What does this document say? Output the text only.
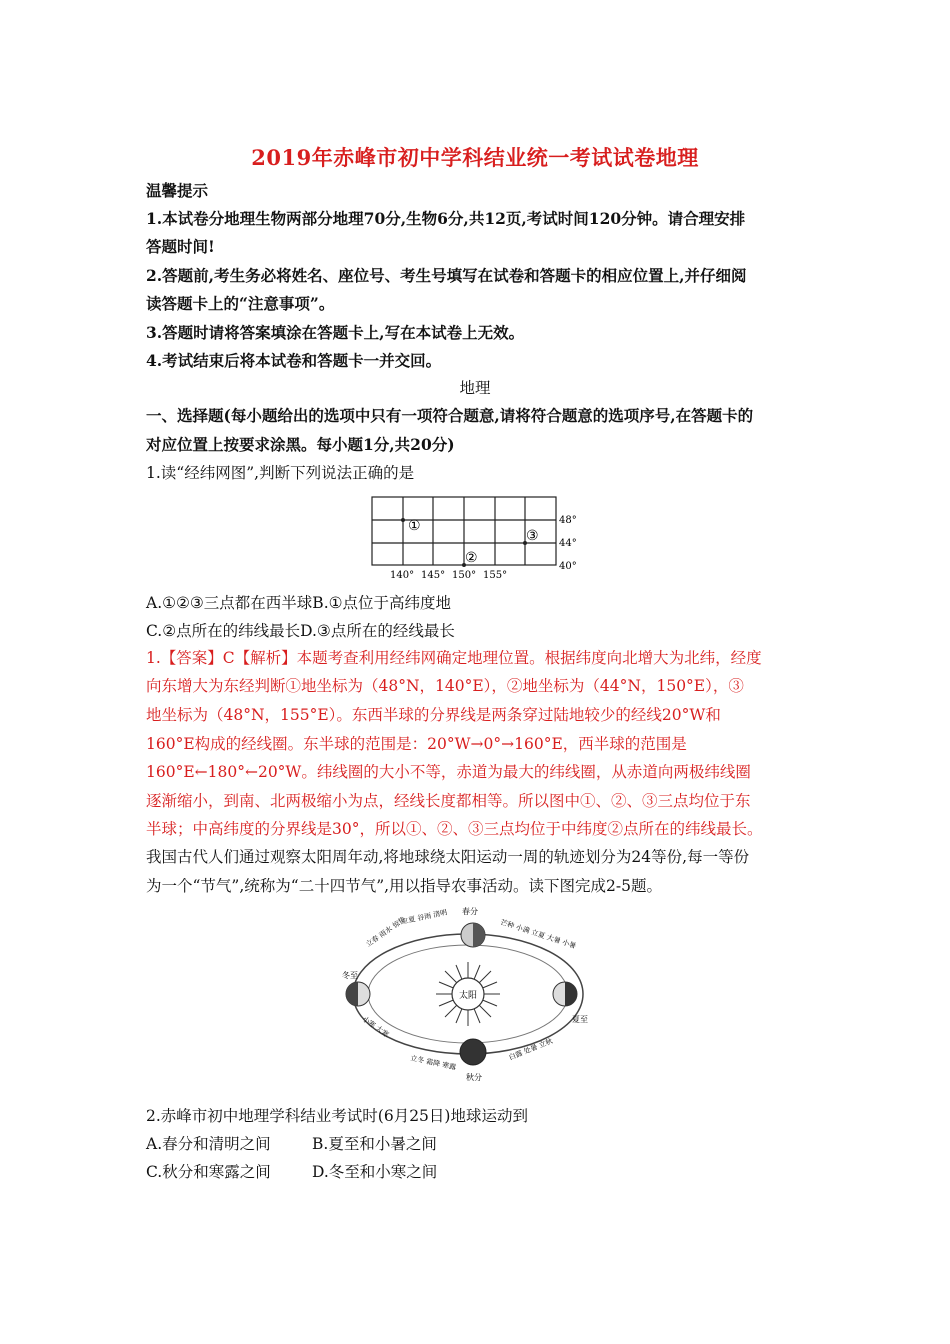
2019年赤峰市初中学科结业统一考试试卷地理
温馨提示
1.本试卷分地理生物两部分地理70分,生物6分,共12页,考试时间120分钟。请合理安排
答题时间!
2.答题前,考生务必将姓名、座位号、考生号填写在试卷和答题卡的相应位置上,并仔细阅
读答题卡上的“注意事项”。
3.答题时请将答案填涂在答题卡上,写在本试卷上无效。
4.考试结束后将本试卷和答题卡一并交回。
地理
一、选择题(每小题给出的选项中只有一项符合题意,请将符合题意的选项序号,在答题卡的
对应位置上按要求涂黑。每小题1分,共20分)
1.读“经纬网图”,判断下列说法正确的是
①
②
③
48°
44°
40°
140° 145° 150° 155°
A.①②③三点都在西半球B.①点位于高纬度地
C.②点所在的纬线最长D.③点所在的经线最长
1.【答案】C【解析】本题考查利用经纬网确定地理位置。根据纬度向北增大为北纬，经度
向东增大为东经判断①地坐标为（48°N，140°E），②地坐标为（44°N，150°E），③
地坐标为（48°N，155°E）。东西半球的分界线是两条穿过陆地较少的经线20°W和
160°E构成的经线圈。东半球的范围是：20°W→0°→160°E，西半球的范围是
160°E←180°←20°W。纬线圈的大小不等，赤道为最大的纬线圈，从赤道向两极纬线圈
逐渐缩小，到南、北两极缩小为点，经线长度都相等。所以图中①、②、③三点均位于东
半球；中高纬度的分界线是30°，所以①、②、③三点均位于中纬度②点所在的纬线最长。
我国古代人们通过观察太阳周年动,将地球绕太阳运动一周的轨迹划分为24等份,每一等份
为一个“节气”,统称为“二十四节气”,用以指导农事活动。读下图完成2-5题。
太阳
春分
夏至
秋分
冬至
立春 雨水 惊蛰
立夏 谷雨 清明
芒种 小满 立夏 大暑 小暑
小寒 大寒
立冬 霜降 寒露
白露 处暑 立秋
2.赤峰市初中地理学科结业考试时(6月25日)地球运动到
A.春分和清明之间	B.夏至和小暑之间
C.秋分和寒露之间	D.冬至和小寒之间
